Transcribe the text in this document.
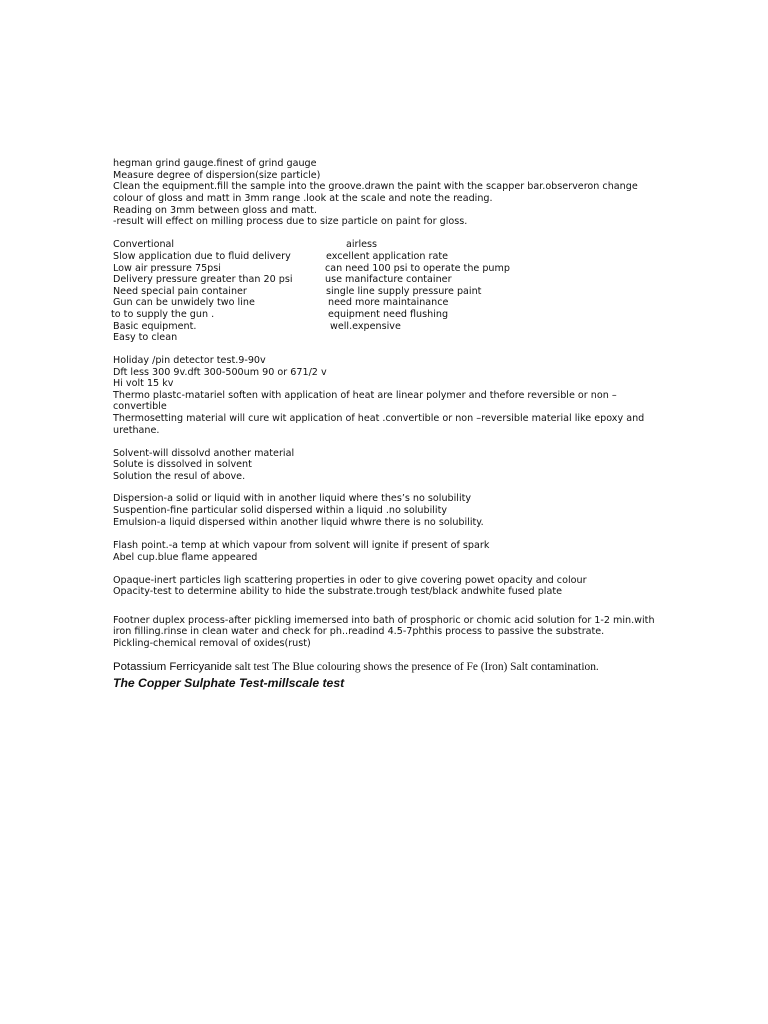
hegman grind gauge.finest of grind gauge
Measure degree of dispersion(size particle)
Clean the equipment.fill the sample into the groove.drawn the paint with the scapper bar.observeron change
colour of gloss and matt in 3mm range .look at the scale and note the reading.
Reading on 3mm between gloss and matt.
-result will effect on milling process due to size particle on paint for gloss.
Convertional	airless
Slow application due to fluid delivery	excellent application rate
Low air pressure 75psi	can need 100 psi to operate the pump
Delivery pressure greater than 20 psi	use manifacture container
Need special pain container	single line supply pressure paint
Gun can be unwidely two line	need more maintainance
to to supply the gun .	equipment need flushing
Basic equipment.	well.expensive
Easy to clean
Holiday /pin detector test.9-90v
Dft less 300 9v.dft 300-500um 90 or 671/2 v
Hi volt 15 kv
Thermo plastc-matariel soften with application of heat are linear polymer and thefore reversible or non –
convertible
Thermosetting material will cure wit application of heat .convertible or non –reversible material like epoxy and
urethane.
Solvent-will dissolvd another material
Solute is dissolved in solvent
Solution the resul of above.
Dispersion-a solid or liquid with in another liquid where thes’s no solubility
Suspention-fine particular solid dispersed within a liquid .no solubility
Emulsion-a liquid dispersed within another liquid whwre there is no solubility.
Flash point.-a temp at which vapour from solvent will ignite if present of spark
Abel cup.blue flame appeared
Opaque-inert particles ligh scattering properties in oder to give covering powet opacity and colour
Opacity-test to determine ability to hide the substrate.trough test/black andwhite fused plate
Footner duplex process-after pickling imemersed into bath of prosphoric or chomic acid solution for 1-2 min.with
iron filling.rinse in clean water and check for ph..readind 4.5-7phthis process to passive the substrate.
Pickling-chemical removal of oxides(rust)
Potassium Ferricyanide salt test The Blue colouring shows the presence of Fe (Iron) Salt contamination.
The Copper Sulphate Test-millscale test
